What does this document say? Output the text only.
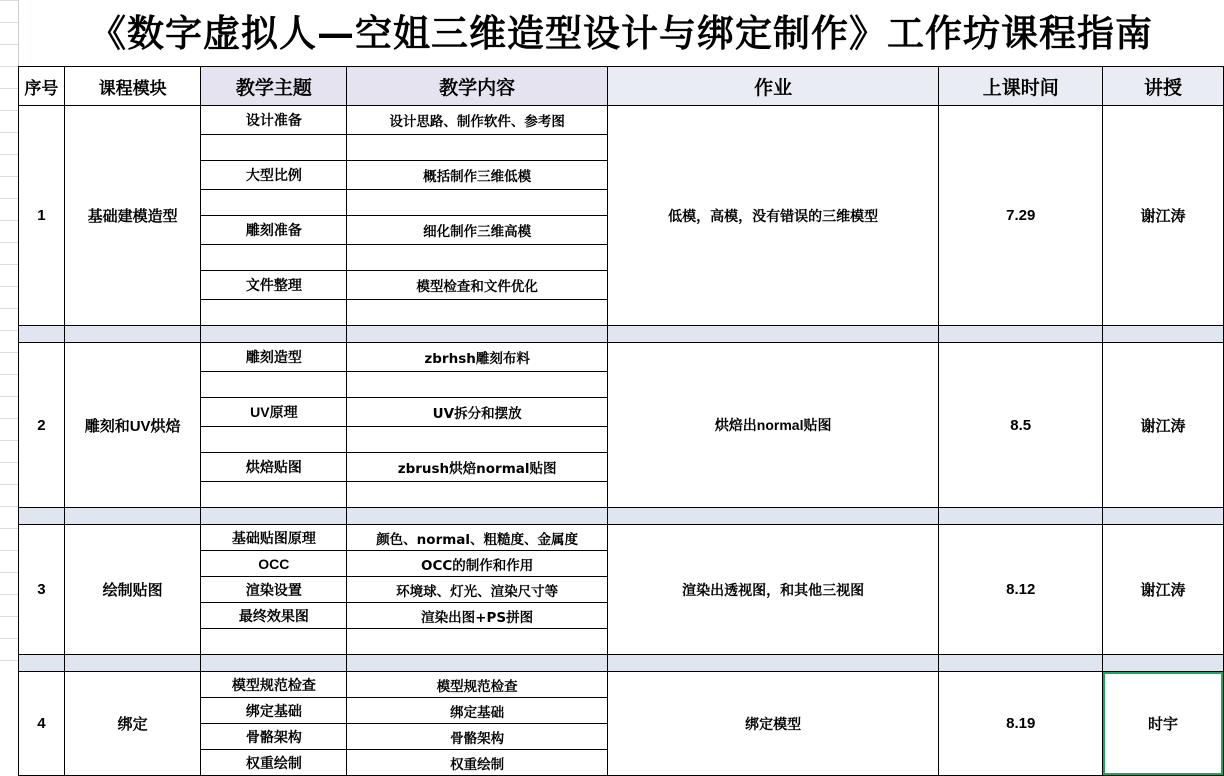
《数字虚拟人—空姐三维造型设计与绑定制作》工作坊课程指南
序号	课程模块	教学主题	教学内容	作业	上课时间	讲授
1	基础建模造型	设计准备	设计思路、制作软件、参考图	低模，高模，没有错误的三维模型	7.29	谢江涛

		大型比例	概括制作三维低模			

		雕刻准备	细化制作三维高模			

		文件整理	模型检查和文件优化			

2	雕刻和UV烘焙	雕刻造型	zbrhsh雕刻布料	烘焙出normal贴图	8.5	谢江涛

		UV原理	UV拆分和摆放			

		烘焙贴图	zbrush烘焙normal贴图			

3	绘制贴图	基础贴图原理	颜色、normal、粗糙度、金属度	渲染出透视图，和其他三视图	8.12	谢江涛
		OCC	OCC的制作和作用			
		渲染设置	环境球、灯光、渲染尺寸等			
		最终效果图	渲染出图+PS拼图			

4	绑定	模型规范检查	模型规范检查	绑定模型	8.19	时宇
		绑定基础	绑定基础			
		骨骼架构	骨骼架构			
		权重绘制	权重绘制			
